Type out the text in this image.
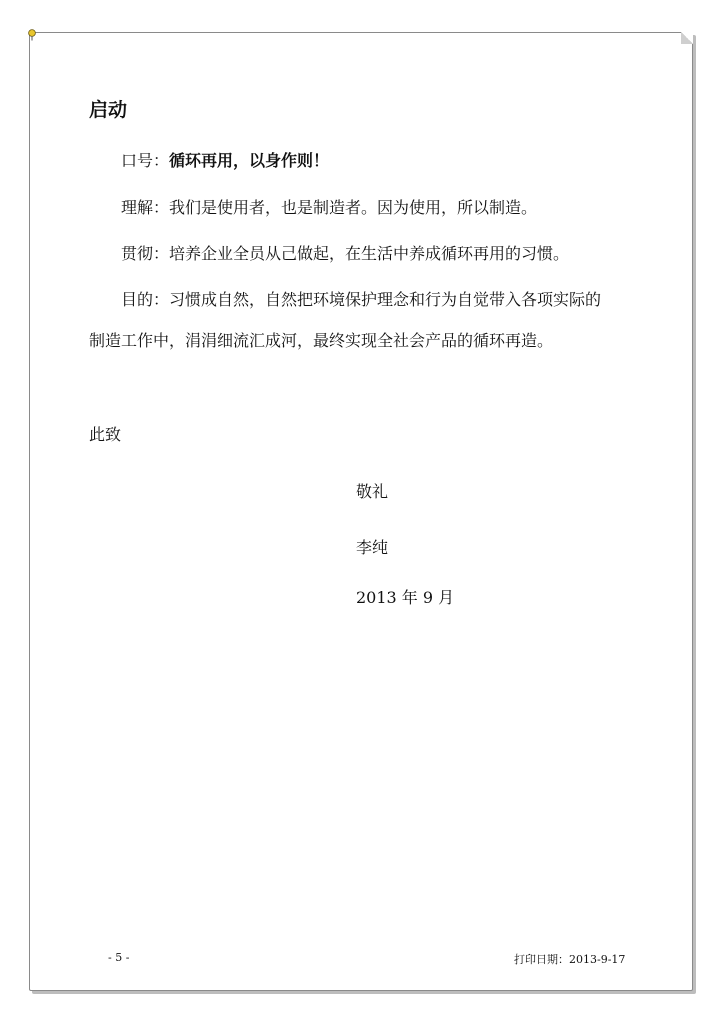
启动
口号：循环再用，以身作则！
理解：我们是使用者，也是制造者。因为使用，所以制造。
贯彻：培养企业全员从己做起，在生活中养成循环再用的习惯。
目的：习惯成自然，自然把环境保护理念和行为自觉带入各项实际的
制造工作中，涓涓细流汇成河，最终实现全社会产品的循环再造。
此致
敬礼
李纯
2013 年 9 月
- 5 -	打印日期：2013-9-17
